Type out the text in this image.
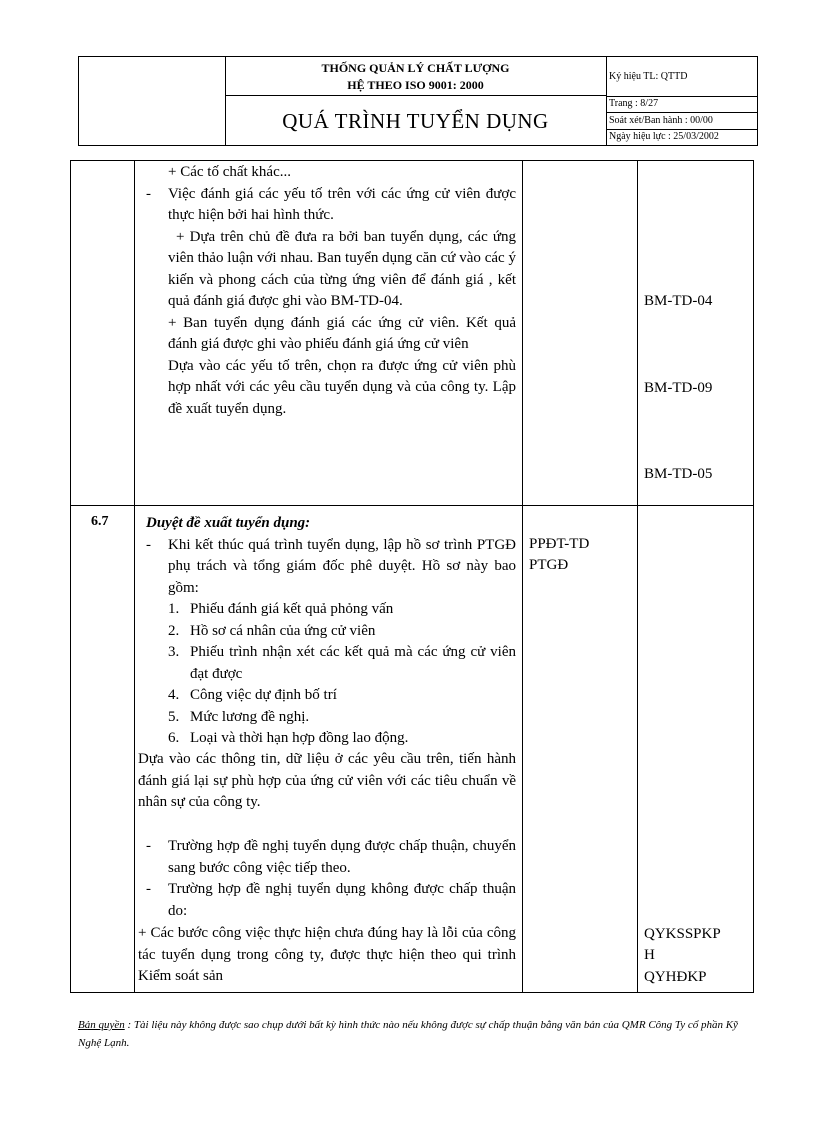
THỐNG QUẢN LÝ CHẤT LƯỢNG
HỆ THEO ISO 9001: 2000
QUÁ TRÌNH TUYỂN DỤNG
Ký hiệu TL: QTTD
Trang : 8/27
Soát xét/Ban hành : 00/00
Ngày hiệu lực : 25/03/2002
+ Các tố chất khác...
- Việc đánh giá các yếu tố trên với các ứng cử viên được thực hiện bởi hai hình thức.
+ Dựa trên chủ đề đưa ra bởi ban tuyển dụng, các ứng viên thảo luận với nhau. Ban tuyển dụng căn cứ vào các ý kiến và phong cách của từng ứng viên để đánh giá , kết quả đánh giá được ghi vào BM-TD-04.
+ Ban tuyển dụng đánh giá các ứng cử viên. Kết quả đánh giá được ghi vào phiếu đánh giá ứng cử viên
Dựa vào các yếu tố trên, chọn ra được ứng cử viên phù hợp nhất với các yêu cầu tuyển dụng và của công ty. Lập đề xuất tuyển dụng.
BM-TD-04
BM-TD-09
BM-TD-05
6.7	Duyệt đề xuất tuyển dụng:
- Khi kết thúc quá trình tuyển dụng, lập hồ sơ trình PTGĐ phụ trách và tổng giám đốc phê duyệt. Hồ sơ này bao gồm:
1. Phiếu đánh giá kết quả phỏng vấn
2. Hồ sơ cá nhân của ứng cử viên
3. Phiếu trình nhận xét các kết quả mà các ứng cử viên đạt được
4. Công việc dự định bố trí
5. Mức lương đề nghị.
6. Loại và thời hạn hợp đồng lao động.
Dựa vào các thông tin, dữ liệu ở các yêu cầu trên, tiến hành đánh giá lại sự phù hợp của ứng cử viên với các tiêu chuẩn về nhân sự của công ty.
- Trường hợp đề nghị tuyển dụng được chấp thuận, chuyển sang bước công việc tiếp theo.
- Trường hợp đề nghị tuyển dụng không được chấp thuận do:
+ Các bước công việc thực hiện chưa đúng hay là lỗi của công tác tuyển dụng trong công ty, được thực hiện theo qui trình Kiểm soát sản
PPĐT-TD
PTGĐ
QYKSSPKP
H
QYHĐKP
Bản quyền : Tài liệu này không được sao chụp dưới bất kỳ hình thức nào nếu không được sự chấp thuận bằng văn bản của QMR Công Ty cổ phần Kỹ Nghệ Lạnh.
